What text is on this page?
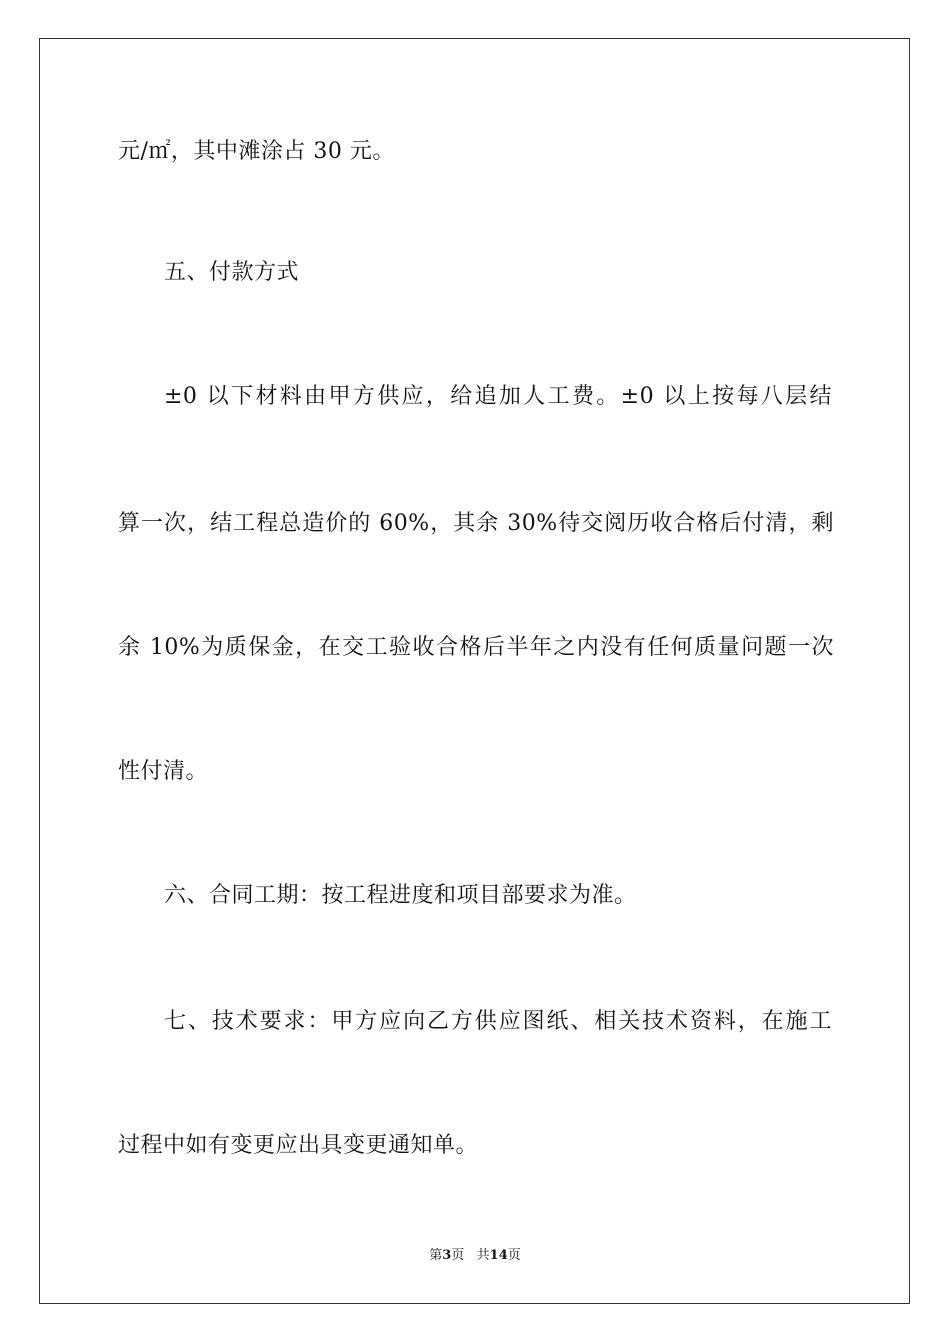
元/㎡，其中滩涂占 30 元。
五、付款方式
±0 以下材料由甲方供应，给追加人工费。±0 以上按每八层结
算一次，结工程总造价的 60%，其余 30%待交阅历收合格后付清，剩
余 10%为质保金，在交工验收合格后半年之内没有任何质量问题一次
性付清。
六、合同工期：按工程进度和项目部要求为准。
七、技术要求：甲方应向乙方供应图纸、相关技术资料，在施工
过程中如有变更应出具变更通知单。
第3页   共14页
